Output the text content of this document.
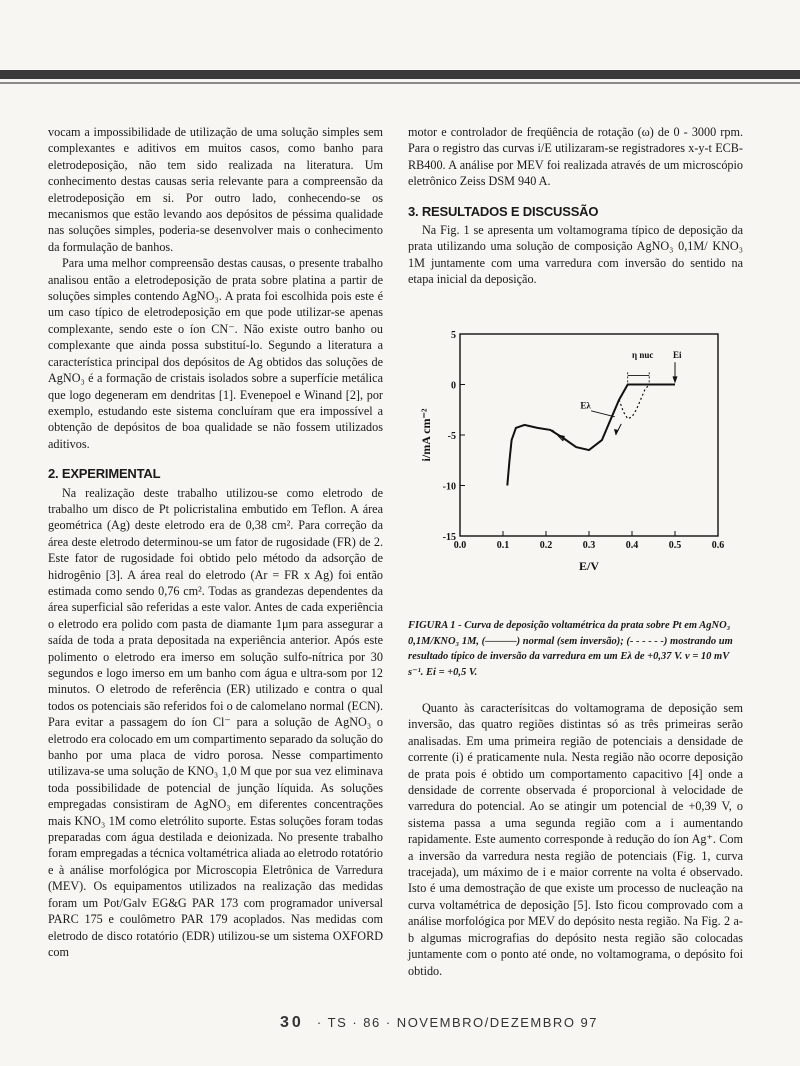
vocam a impossibilidade de utilização de uma solução simples sem complexantes e aditivos em muitos casos, como banho para eletrodeposição, não tem sido realizada na literatura. Um conhecimento destas causas seria relevante para a compreensão da eletrodeposição em si. Por outro lado, conhecendo-se os mecanismos que estão levando aos depósitos de péssima qualidade nas soluções simples, poderia-se desenvolver mais o conhecimento da formulação de banhos.

Para uma melhor compreensão destas causas, o presente trabalho analisou então a eletrodeposição de prata sobre platina a partir de soluções simples contendo AgNO₃. A prata foi escolhida pois este é um caso típico de eletrodeposição em que pode utilizar-se apenas complexante, sendo este o íon CN⁻. Não existe outro banho ou complexante que ainda possa substituí-lo. Segundo a literatura a característica principal dos depósitos de Ag obtidos das soluções de AgNO₃ é a formação de cristais isolados sobre a superfície metálica que logo degeneram em dendritas [1]. Evenepoel e Winand [2], por exemplo, estudando este sistema concluíram que era impossível a obtenção de depósitos de boa qualidade se não fossem utilizados aditivos.

2. EXPERIMENTAL

Na realização deste trabalho utilizou-se como eletrodo de trabalho um disco de Pt policristalina embutido em Teflon. A área geométrica (Ag) deste eletrodo era de 0,38 cm². Para correção da área deste eletrodo determinou-se um fator de rugosidade (FR) de 2. Este fator de rugosidade foi obtido pelo método da adsorção de hidrogênio [3]. A área real do eletrodo (Ar = FR x Ag) foi então estimada como sendo 0,76 cm². Todas as grandezas dependentes da área superficial são referidas a este valor. Antes de cada experiência o eletrodo era polido com pasta de diamante 1μm para assegurar a saída de toda a prata depositada na experiência anterior. Após este polimento o eletrodo era imerso em solução sulfo-nítrica por 30 segundos e logo imerso em um banho com água e ultra-som por 12 minutos. O eletrodo de referência (ER) utilizado e contra o qual todos os potenciais são referidos foi o de calomelano normal (ECN). Para evitar a passagem do íon Cl⁻ para a solução de AgNO₃ o eletrodo era colocado em um compartimento separado da solução do banho por uma placa de vidro porosa. Nesse compartimento utilizava-se uma solução de KNO₃ 1,0 M que por sua vez eliminava toda possibilidade de potencial de junção líquida. As soluções empregadas consistiram de AgNO₃ em diferentes concentrações mais KNO₃ 1M como eletrólito suporte. Estas soluções foram todas preparadas com água destilada e deionizada. No presente trabalho foram empregadas a técnica voltamétrica aliada ao eletrodo rotatório e à análise morfológica por Microscopia Eletrônica de Varredura (MEV). Os equipamentos utilizados na realização das medidas foram um Pot/Galv EG&G PAR 173 com programador universal PARC 175 e coulômetro PAR 179 acoplados. Nas medidas com eletrodo de disco rotatório (EDR) utilizou-se um sistema OXFORD com

motor e controlador de freqüência de rotação (ω) de 0 - 3000 rpm. Para o registro das curvas i/E utilizaram-se registradores x-y-t ECB-RB400. A análise por MEV foi realizada através de um microscópio eletrônico Zeiss DSM 940 A.

3. RESULTADOS E DISCUSSÃO

Na Fig. 1 se apresenta um voltamograma típico de deposição da prata utilizando uma solução de composição AgNO₃ 0,1M/ KNO₃ 1M juntamente com uma varredura com inversão do sentido na etapa inicial da deposição.

0.0	0.1	0.2	0.3	0.4	0.5	0.6
5
0
-5
-10
-15
E/V
i/mA cm⁻²
Ei
η nuc
Eλ
FIGURA 1 - Curva de deposição voltamétrica da prata sobre Pt em AgNO₃ 0,1M/KNO₃ 1M, (———) normal (sem inversão); (- - - - - -) mostrando um resultado típico de inversão da varredura em um Eλ de +0,37 V. v = 10 mV s⁻¹. Ei = +0,5 V.

Quanto às caracterísitcas do voltamograma de deposição sem inversão, das quatro regiões distintas só as três primeiras serão analisadas. Em uma primeira região de potenciais a densidade de corrente (i) é praticamente nula. Nesta região não ocorre deposição de prata pois é obtido um comportamento capacitivo [4] onde a densidade de corrente observada é proporcional à velocidade de varredura do potencial. Ao se atingir um potencial de +0,39 V, o sistema passa a uma segunda região com a i aumentando rapidamente. Este aumento corresponde à redução do íon Ag⁺. Com a inversão da varredura nesta região de potenciais (Fig. 1, curva tracejada), um máximo de i e maior corrente na volta é observado. Isto é uma demostração de que existe um processo de nucleação na curva voltamétrica de deposição [5]. Isto ficou comprovado com a análise morfológica por MEV do depósito nesta região. Na Fig. 2 a-b algumas micrografias do depósito nesta região são colocadas juntamente com o ponto até onde, no voltamograma, o depósito foi obtido.

30 · TS · 86 · NOVEMBRO/DEZEMBRO 97
